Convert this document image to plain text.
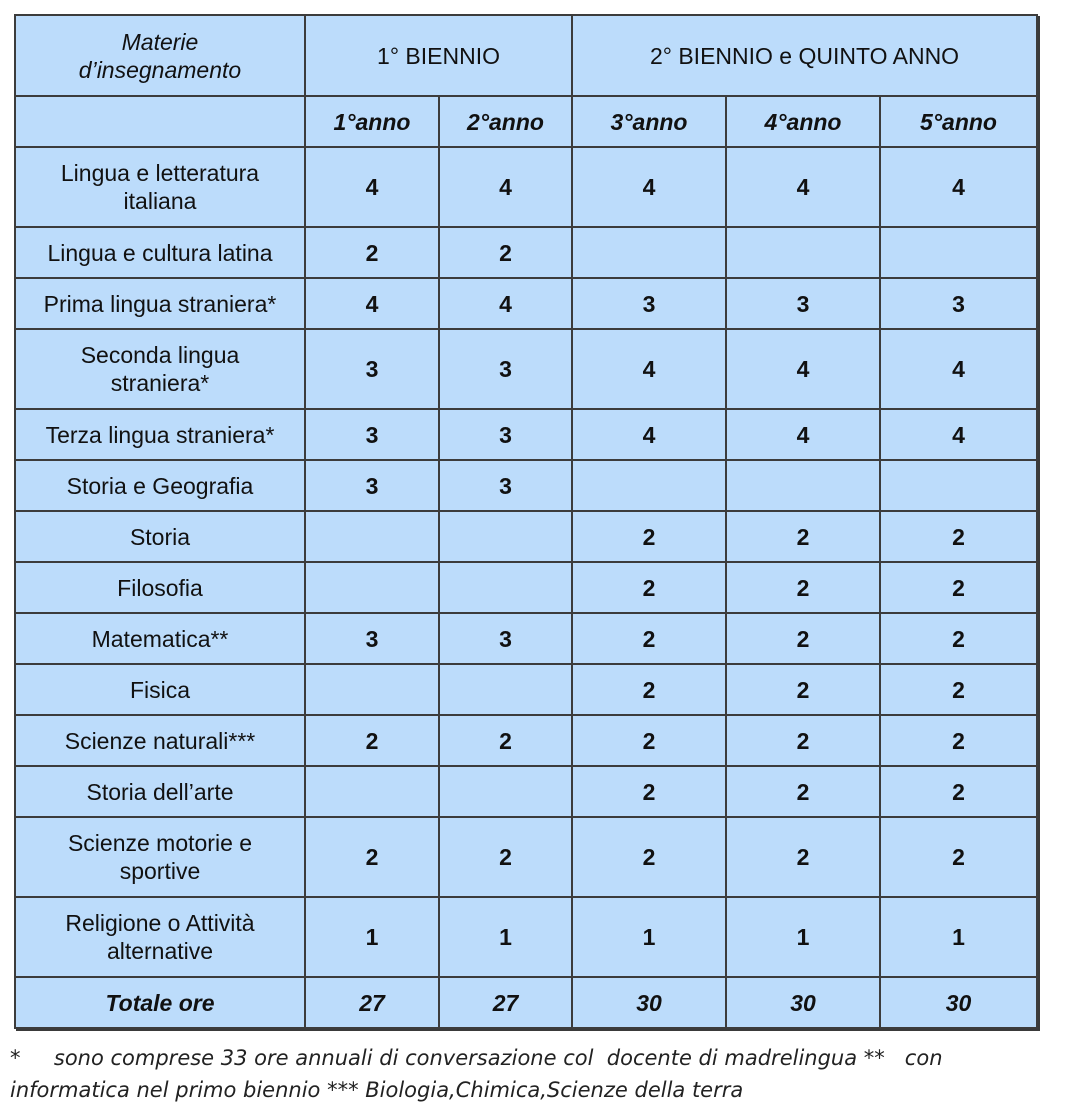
Materie
d’insegnamento	1° BIENNIO		2° BIENNIO e QUINTO ANNO		
	1°anno	2°anno	3°anno	4°anno	5°anno

Lingua e letteratura
italiana	4	4	4	4	4

Lingua e cultura latina	2	2			

Prima lingua straniera*	4	4	3	3	3

Seconda lingua
straniera*	3	3	4	4	4

Terza lingua straniera*	3	3	4	4	4

Storia e Geografia	3	3			

Storia			2	2	2

Filosofia			2	2	2

Matematica**	3	3	2	2	2

Fisica			2	2	2

Scienze naturali***	2	2	2	2	2

Storia dell’arte			2	2	2

Scienze motorie e
sportive	2	2	2	2	2

Religione o Attività
alternative	1	1	1	1	1
Totale ore	27	27	30	30	30
*     sono comprese 33 ore annuali di conversazione col  docente di madrelingua **   con
informatica nel primo biennio *** Biologia,Chimica,Scienze della terra
